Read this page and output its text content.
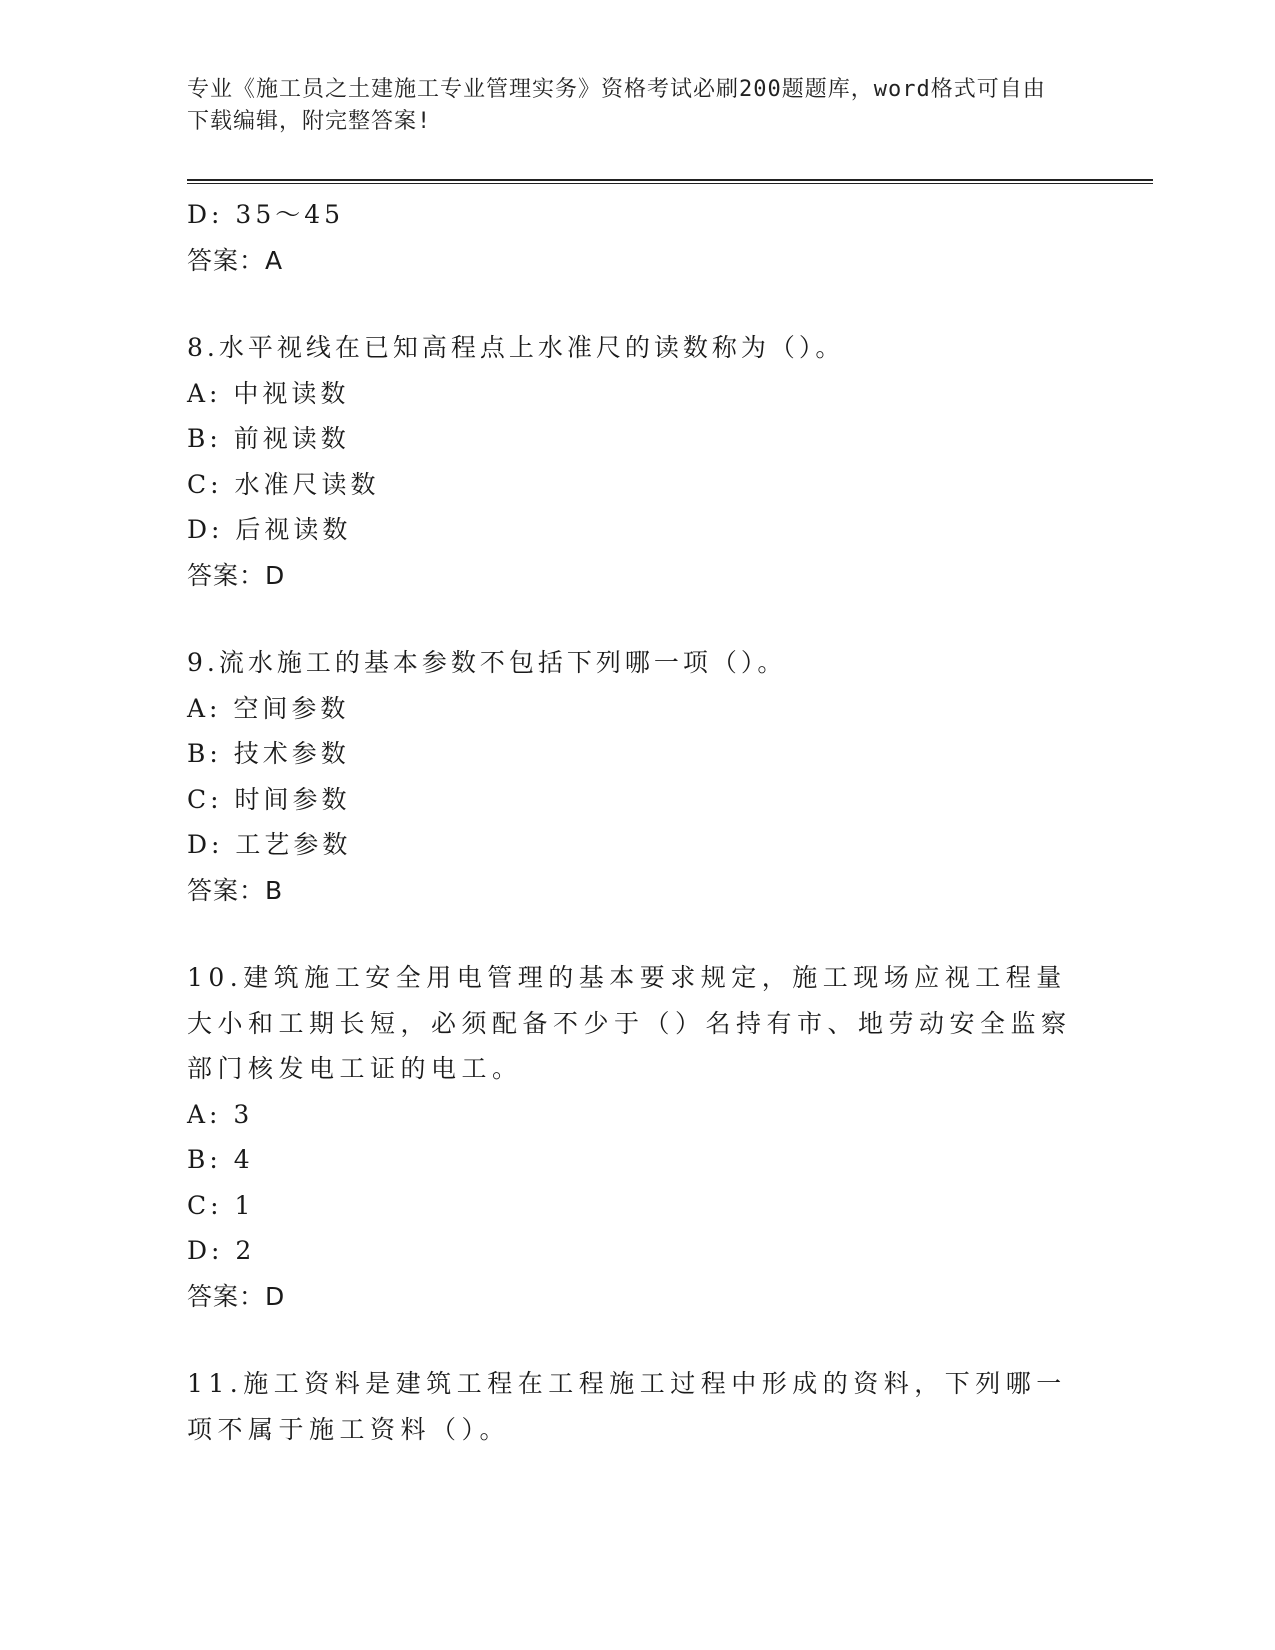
专业《施工员之土建施工专业管理实务》资格考试必刷200题题库，word格式可自由下载编辑，附完整答案!
D: 35～45
答案：A
8.水平视线在已知高程点上水准尺的读数称为（）。
A: 中视读数
B: 前视读数
C: 水准尺读数
D: 后视读数
答案：D
9.流水施工的基本参数不包括下列哪一项（）。
A: 空间参数
B: 技术参数
C: 时间参数
D: 工艺参数
答案：B
10.建筑施工安全用电管理的基本要求规定，施工现场应视工程量大小和工期长短，必须配备不少于（）名持有市、地劳动安全监察部门核发电工证的电工。
A: 3
B: 4
C: 1
D: 2
答案：D
11.施工资料是建筑工程在工程施工过程中形成的资料，下列哪一项不属于施工资料（）。
